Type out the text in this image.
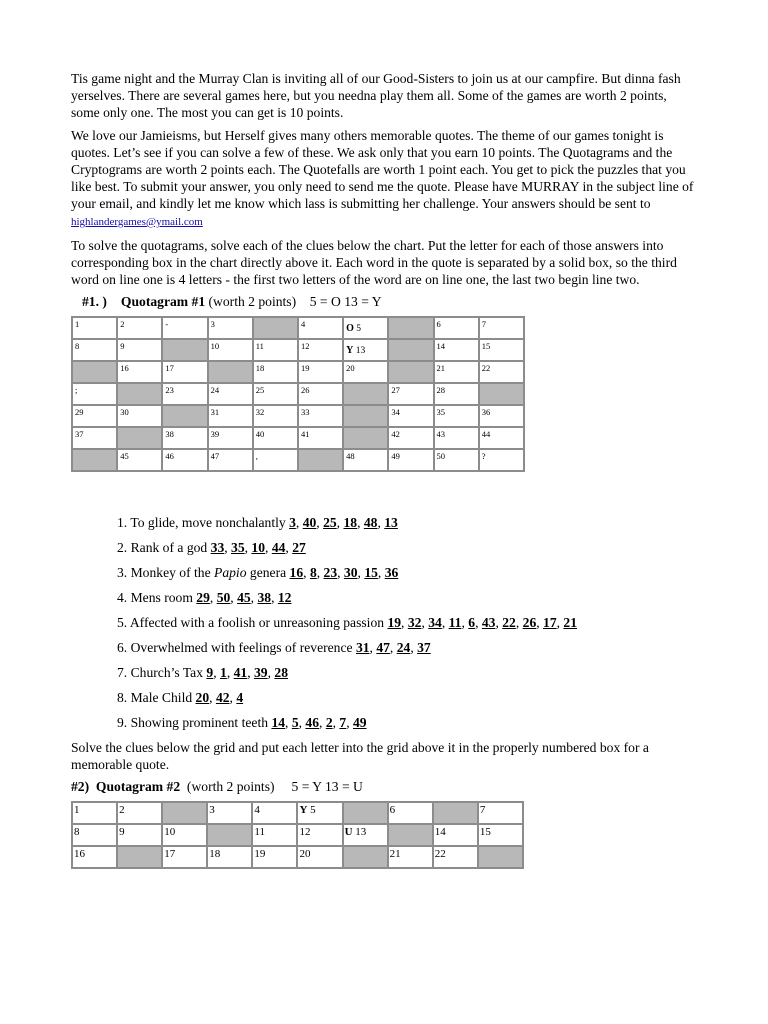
Tis game night and the Murray Clan is inviting all of our Good-Sisters to join us at our campfire. But dinna fash yerselves. There are several games here, but you neednа play them all. Some of the games are worth 2 points, some only one. The most you can get is 10 points.

We love our Jamieisms, but Herself gives many others memorable quotes. The theme of our games tonight is quotes. Let’s see if you can solve a few of these. We ask only that you earn 10 points. The Quotagrams and the Cryptograms are worth 2 points each. The Quotefalls are worth 1 point each. You get to pick the puzzles that you like best. To submit your answer, you only need to send me the quote. Please have MURRAY in the subject line of your email, and kindly let me know which lass is submitting her challenge. Your answers should be sent to highlandergames@ymail.com

To solve the quotagrams, solve each of the clues below the chart. Put the letter for each of those answers into corresponding box in the chart directly above it. Each word in the quote is separated by a solid box, so the third word on line one is 4 letters - the first two letters of the word are on line one, the last two begin line two.

#1. ) Quotagram #1 (worth 2 points) 5 = O 13 = Y
1	2	-	3		4	O 5		6	7
8	9		10	11	12	Y 13		14	15
	16	17		18	19	20		21	22
;		23	24	25	26		27	28	
29	30		31	32	33		34	35	36
37		38	39	40	41		42	43	44
	45	46	47	,		48	49	50	?
1. To glide, move nonchalantly 3, 40, 25, 18, 48, 13
2. Rank of a god 33, 35, 10, 44, 27
3. Monkey of the Papio genera 16, 8, 23, 30, 15, 36
4. Mens room 29, 50, 45, 38, 12
5. Affected with a foolish or unreasoning passion 19, 32, 34, 11, 6, 43, 22, 26, 17, 21
6. Overwhelmed with feelings of reverence 31, 47, 24, 37
7. Church’s Tax 9, 1, 41, 39, 28
8. Male Child 20, 42, 4
9. Showing prominent teeth 14, 5, 46, 2, 7, 49

Solve the clues below the grid and put each letter into the grid above it in the properly numbered box for a memorable quote.

#2) Quotagram #2 (worth 2 points) 5 = Y 13 = U
1	2		3	4	Y 5		6		7
8	9	10		11	12	U 13		14	15
16		17	18	19	20		21	22	
